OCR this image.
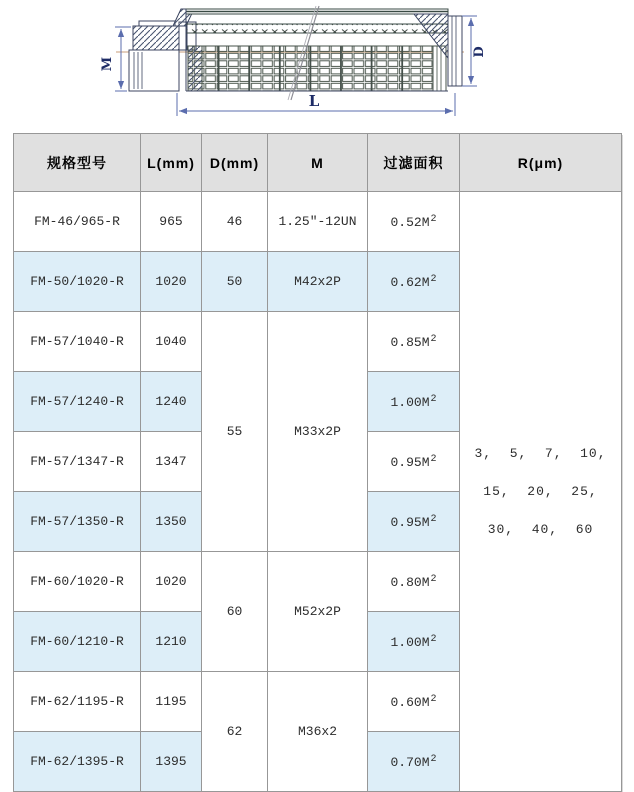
M
D
L
规格型号	L(mm)	D(mm)	M	过滤面积	R(μm)
FM-46/965-R	965	46	1.25″-12UN	$0.52M^2$	3,  5,  7,  10,
15,  20,  25,
30,  40,  60

FM-50/1020-R	1020	50	M42x2P	$0.62M^2$
FM-57/1040-R	1040	55	M33x2P	$0.85M^2$
FM-57/1240-R	1240			$1.00M^2$
FM-57/1347-R	1347			$0.95M^2$
FM-57/1350-R	1350			$0.95M^2$
FM-60/1020-R	1020	60	M52x2P	$0.80M^2$
FM-60/1210-R	1210			$1.00M^2$
FM-62/1195-R	1195	62	M36x2	$0.60M^2$
FM-62/1395-R	1395			$0.70M^2$
